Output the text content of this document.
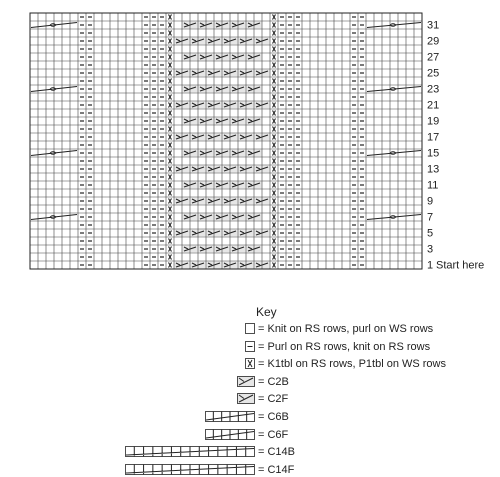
1 Start here
3
5
7
9
11
13
15
17
19
21
23
25
27
29
31
Key
= Knit on RS rows, purl on WS rows
= Purl on RS rows, knit on RS rows
= K1tbl on RS rows, P1tbl on WS rows
= C2B
= C2F
= C6B
= C6F
= C14B
= C14F
